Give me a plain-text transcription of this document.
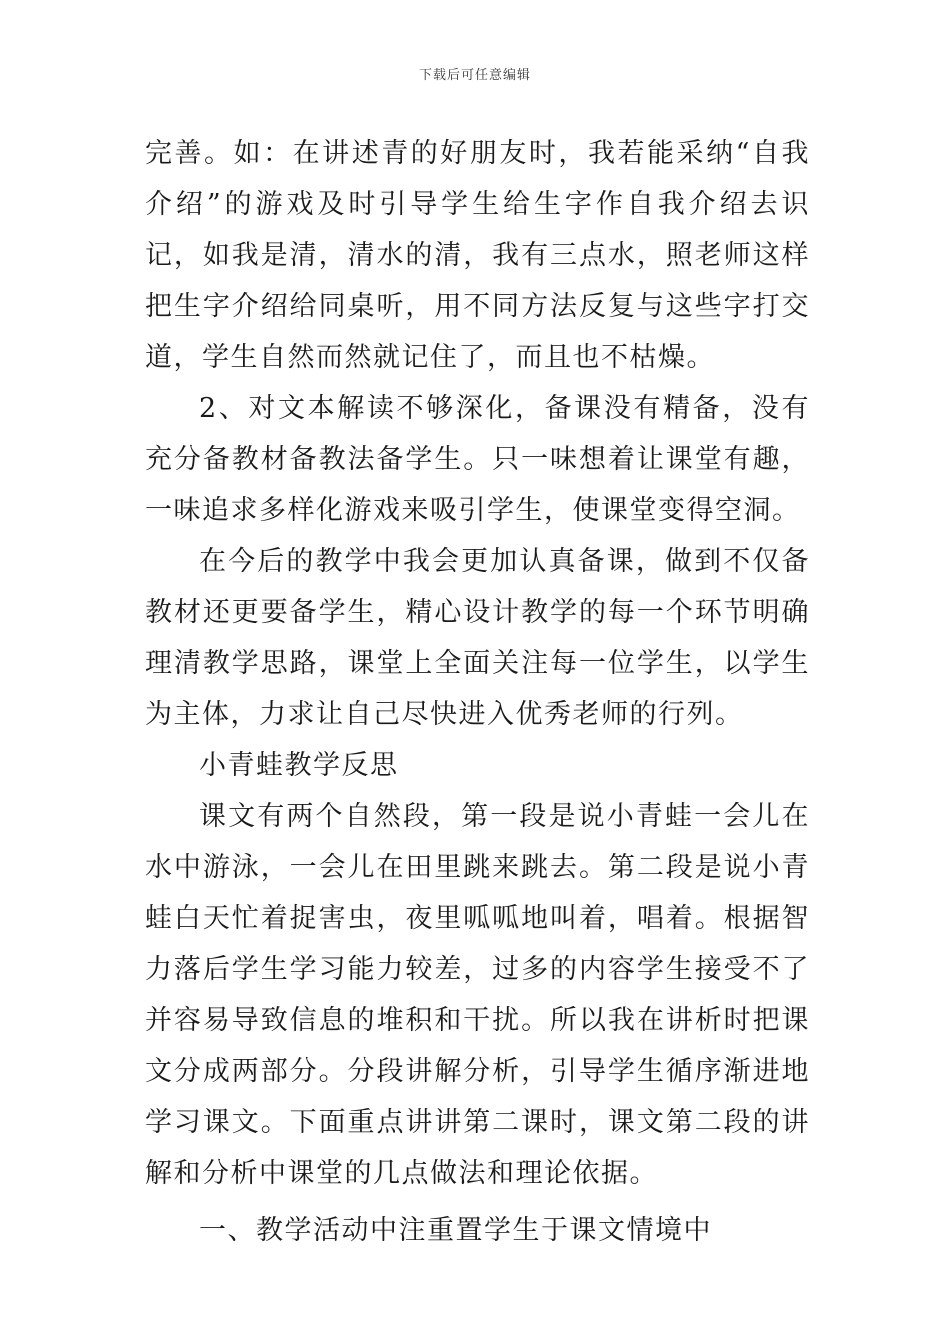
下载后可任意编辑

完善。如：在讲述青的好朋友时，我若能采纳“自我介绍”的游戏及时引导学生给生字作自我介绍去识记，如我是清，清水的清，我有三点水，照老师这样把生字介绍给同桌听，用不同方法反复与这些字打交道，学生自然而然就记住了，而且也不枯燥。

2、对文本解读不够深化，备课没有精备，没有充分备教材备教法备学生。只一味想着让课堂有趣，一味追求多样化游戏来吸引学生，使课堂变得空洞。

在今后的教学中我会更加认真备课，做到不仅备教材还更要备学生，精心设计教学的每一个环节明确理清教学思路，课堂上全面关注每一位学生，以学生为主体，力求让自己尽快进入优秀老师的行列。

小青蛙教学反思

课文有两个自然段，第一段是说小青蛙一会儿在水中游泳，一会儿在田里跳来跳去。第二段是说小青蛙白天忙着捉害虫，夜里呱呱地叫着，唱着。根据智力落后学生学习能力较差，过多的内容学生接受不了并容易导致信息的堆积和干扰。所以我在讲析时把课文分成两部分。分段讲解分析，引导学生循序渐进地学习课文。下面重点讲讲第二课时，课文第二段的讲解和分析中课堂的几点做法和理论依据。

一、教学活动中注重置学生于课文情境中
